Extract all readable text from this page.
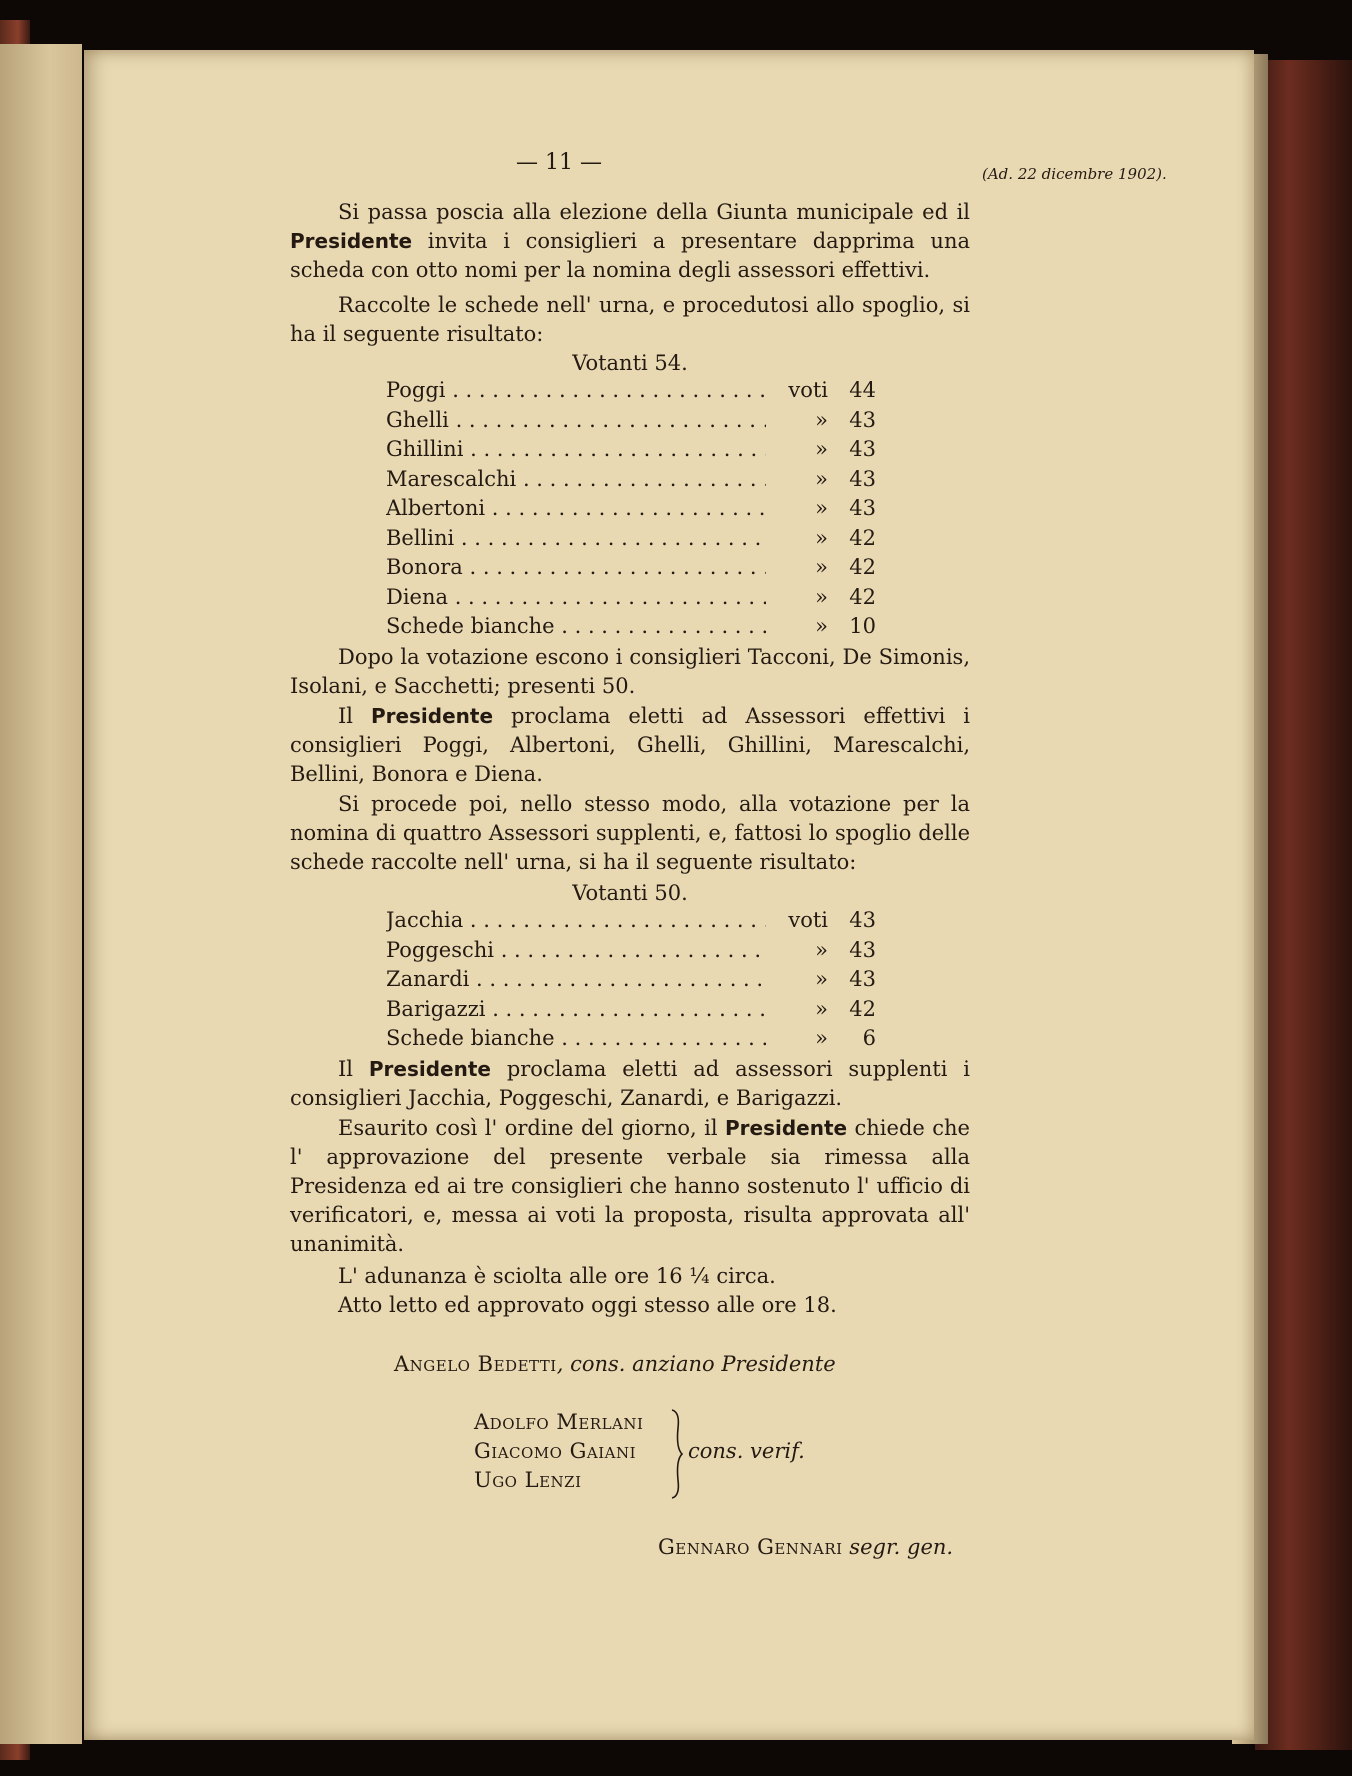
— 11 —	(Ad. 22 dicembre 1902).
Si passa poscia alla elezione della Giunta municipale ed il Presidente invita i consiglieri a presentare dapprima una scheda con otto nomi per la nomina degli assessori effettivi.
Raccolte le schede nell' urna, e procedutosi allo spoglio, si ha il seguente risultato:
Votanti 54.
Poggi . . .	voti	44
Ghelli . . .	»	43
Ghillini . . .	»	43
Marescalchi . . .	»	43
Albertoni . . .	»	43
Bellini . . .	»	42
Bonora . . .	»	42
Diena . . .	»	42
Schede bianche . . .	»	10
Dopo la votazione escono i consiglieri Tacconi, De Simonis, Isolani, e Sacchetti; presenti 50.
Il Presidente proclama eletti ad Assessori effettivi i consiglieri Poggi, Albertoni, Ghelli, Ghillini, Marescalchi, Bellini, Bonora e Diena.
Si procede poi, nello stesso modo, alla votazione per la nomina di quattro Assessori supplenti, e, fattosi lo spoglio delle schede raccolte nell' urna, si ha il seguente risultato:
Votanti 50.
Jacchia . . .	voti	43
Poggeschi . . .	»	43
Zanardi . . .	»	43
Barigazzi . . .	»	42
Schede bianche . . .	»	6
Il Presidente proclama eletti ad assessori supplenti i consiglieri Jacchia, Poggeschi, Zanardi, e Barigazzi.
Esaurito così l' ordine del giorno, il Presidente chiede che l' approvazione del presente verbale sia rimessa alla Presidenza ed ai tre consiglieri che hanno sostenuto l' ufficio di verificatori, e, messa ai voti la proposta, risulta approvata all' unanimità.
L' adunanza è sciolta alle ore 16 ¼ circa.
Atto letto ed approvato oggi stesso alle ore 18.
Angelo Bedetti, cons. anziano Presidente
Adolfo Merlani
Giacomo Gaiani
Ugo Lenzi
cons. verif.
Gennaro Gennari segr. gen.
